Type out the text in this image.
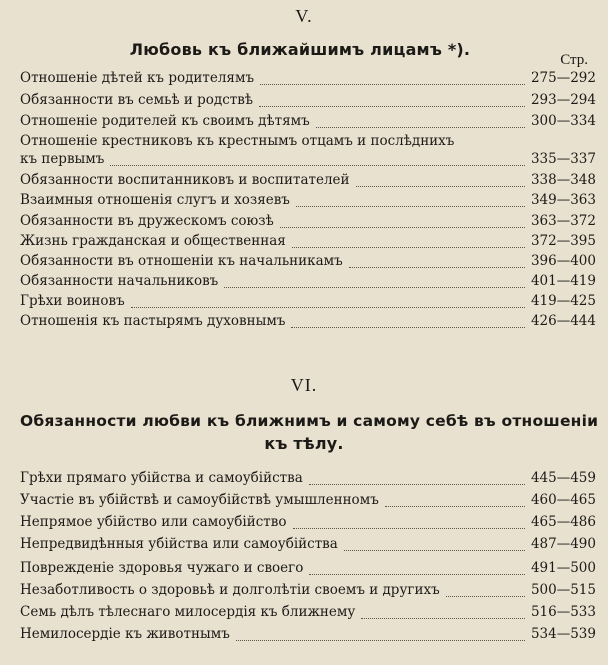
V.
Любовь къ ближайшимъ лицамъ *).
Стр.
Отношеніе дѣтей къ родителямъ	275—292
Обязанности въ семьѣ и родствѣ	293—294
Отношеніе родителей къ своимъ дѣтямъ	300—334
Отношеніе крестниковъ къ крестнымъ отцамъ и послѣднихъ
къ первымъ	335—337
Обязанности воспитанниковъ и воспитателей	338—348
Взаимныя отношенія слугъ и хозяевъ	349—363
Обязанности въ дружескомъ союзѣ	363—372
Жизнь гражданская и общественная	372—395
Обязанности въ отношеніи къ начальникамъ	396—400
Обязанности начальниковъ	401—419
Грѣхи воиновъ	419—425
Отношенія къ пастырямъ духовнымъ	426—444
VI.
Обязанности любви къ ближнимъ и самому себѣ въ отношеніи
къ тѣлу.
Грѣхи прямаго убійства и самоубійства	445—459
Участіе въ убійствѣ и самоубійствѣ умышленномъ	460—465
Непрямое убійство или самоубійство	465—486
Непредвидѣнныя убійства или самоубійства	487—490
Поврежденіе здоровья чужаго и своего	491—500
Незаботливость о здоровьѣ и долголѣтіи своемъ и другихъ	500—515
Семь дѣлъ тѣлеснаго милосердія къ ближнему	516—533
Немилосердіе къ животнымъ	534—539
